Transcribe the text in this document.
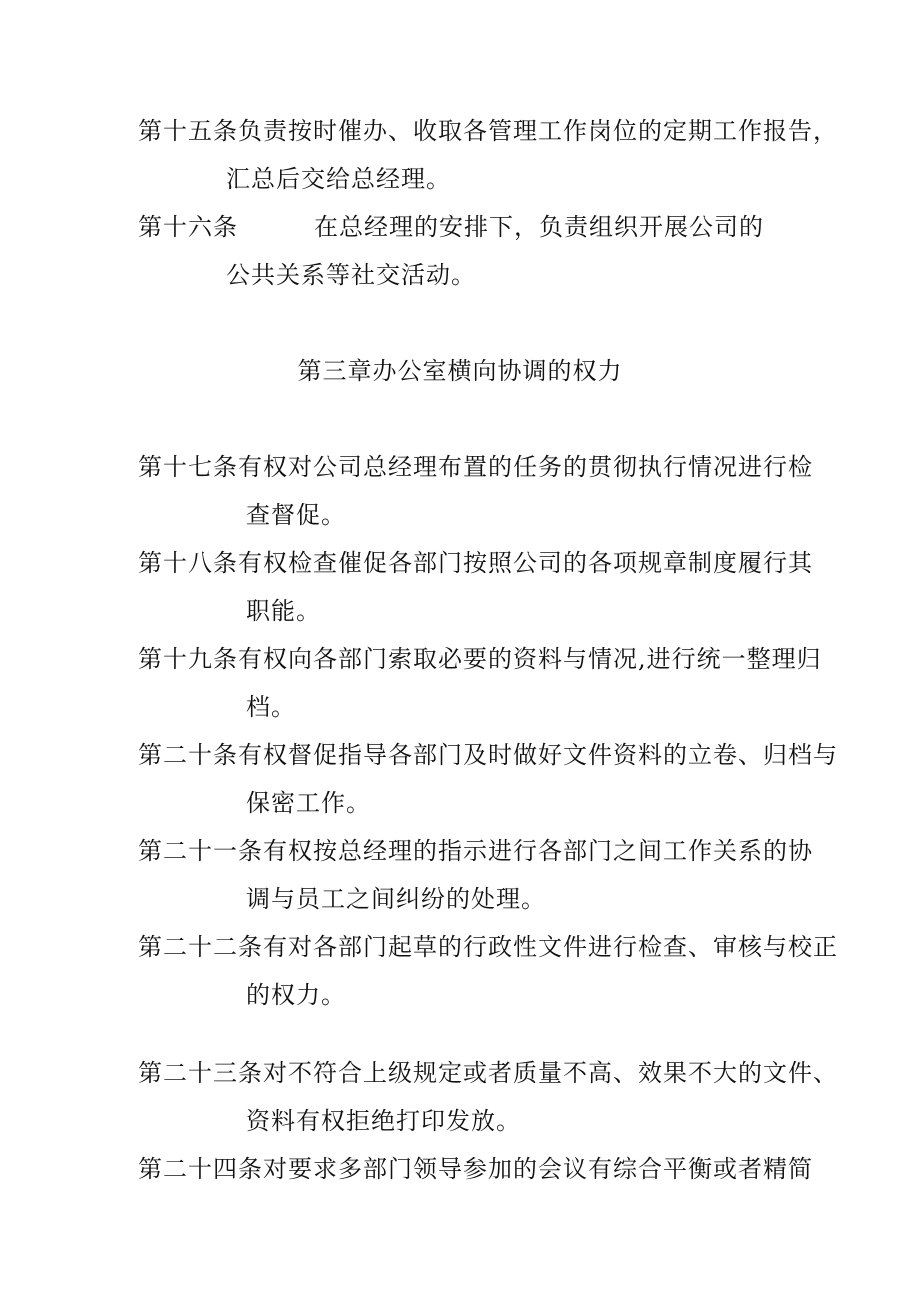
第十五条负责按时催办、收取各管理工作岗位的定期工作报告，
汇总后交给总经理。
第十六条	在总经理的安排下，负责组织开展公司的
公共关系等社交活动。
第三章办公室横向协调的权力
第十七条有权对公司总经理布置的任务的贯彻执行情况进行检
查督促。
第十八条有权检查催促各部门按照公司的各项规章制度履行其
职能。
第十九条有权向各部门索取必要的资料与情况,进行统一整理归
档。
第二十条有权督促指导各部门及时做好文件资料的立卷、归档与
保密工作。
第二十一条有权按总经理的指示进行各部门之间工作关系的协
调与员工之间纠纷的处理。
第二十二条有对各部门起草的行政性文件进行检查、审核与校正
的权力。
第二十三条对不符合上级规定或者质量不高、效果不大的文件、
资料有权拒绝打印发放。
第二十四条对要求多部门领导参加的会议有综合平衡或者精简
